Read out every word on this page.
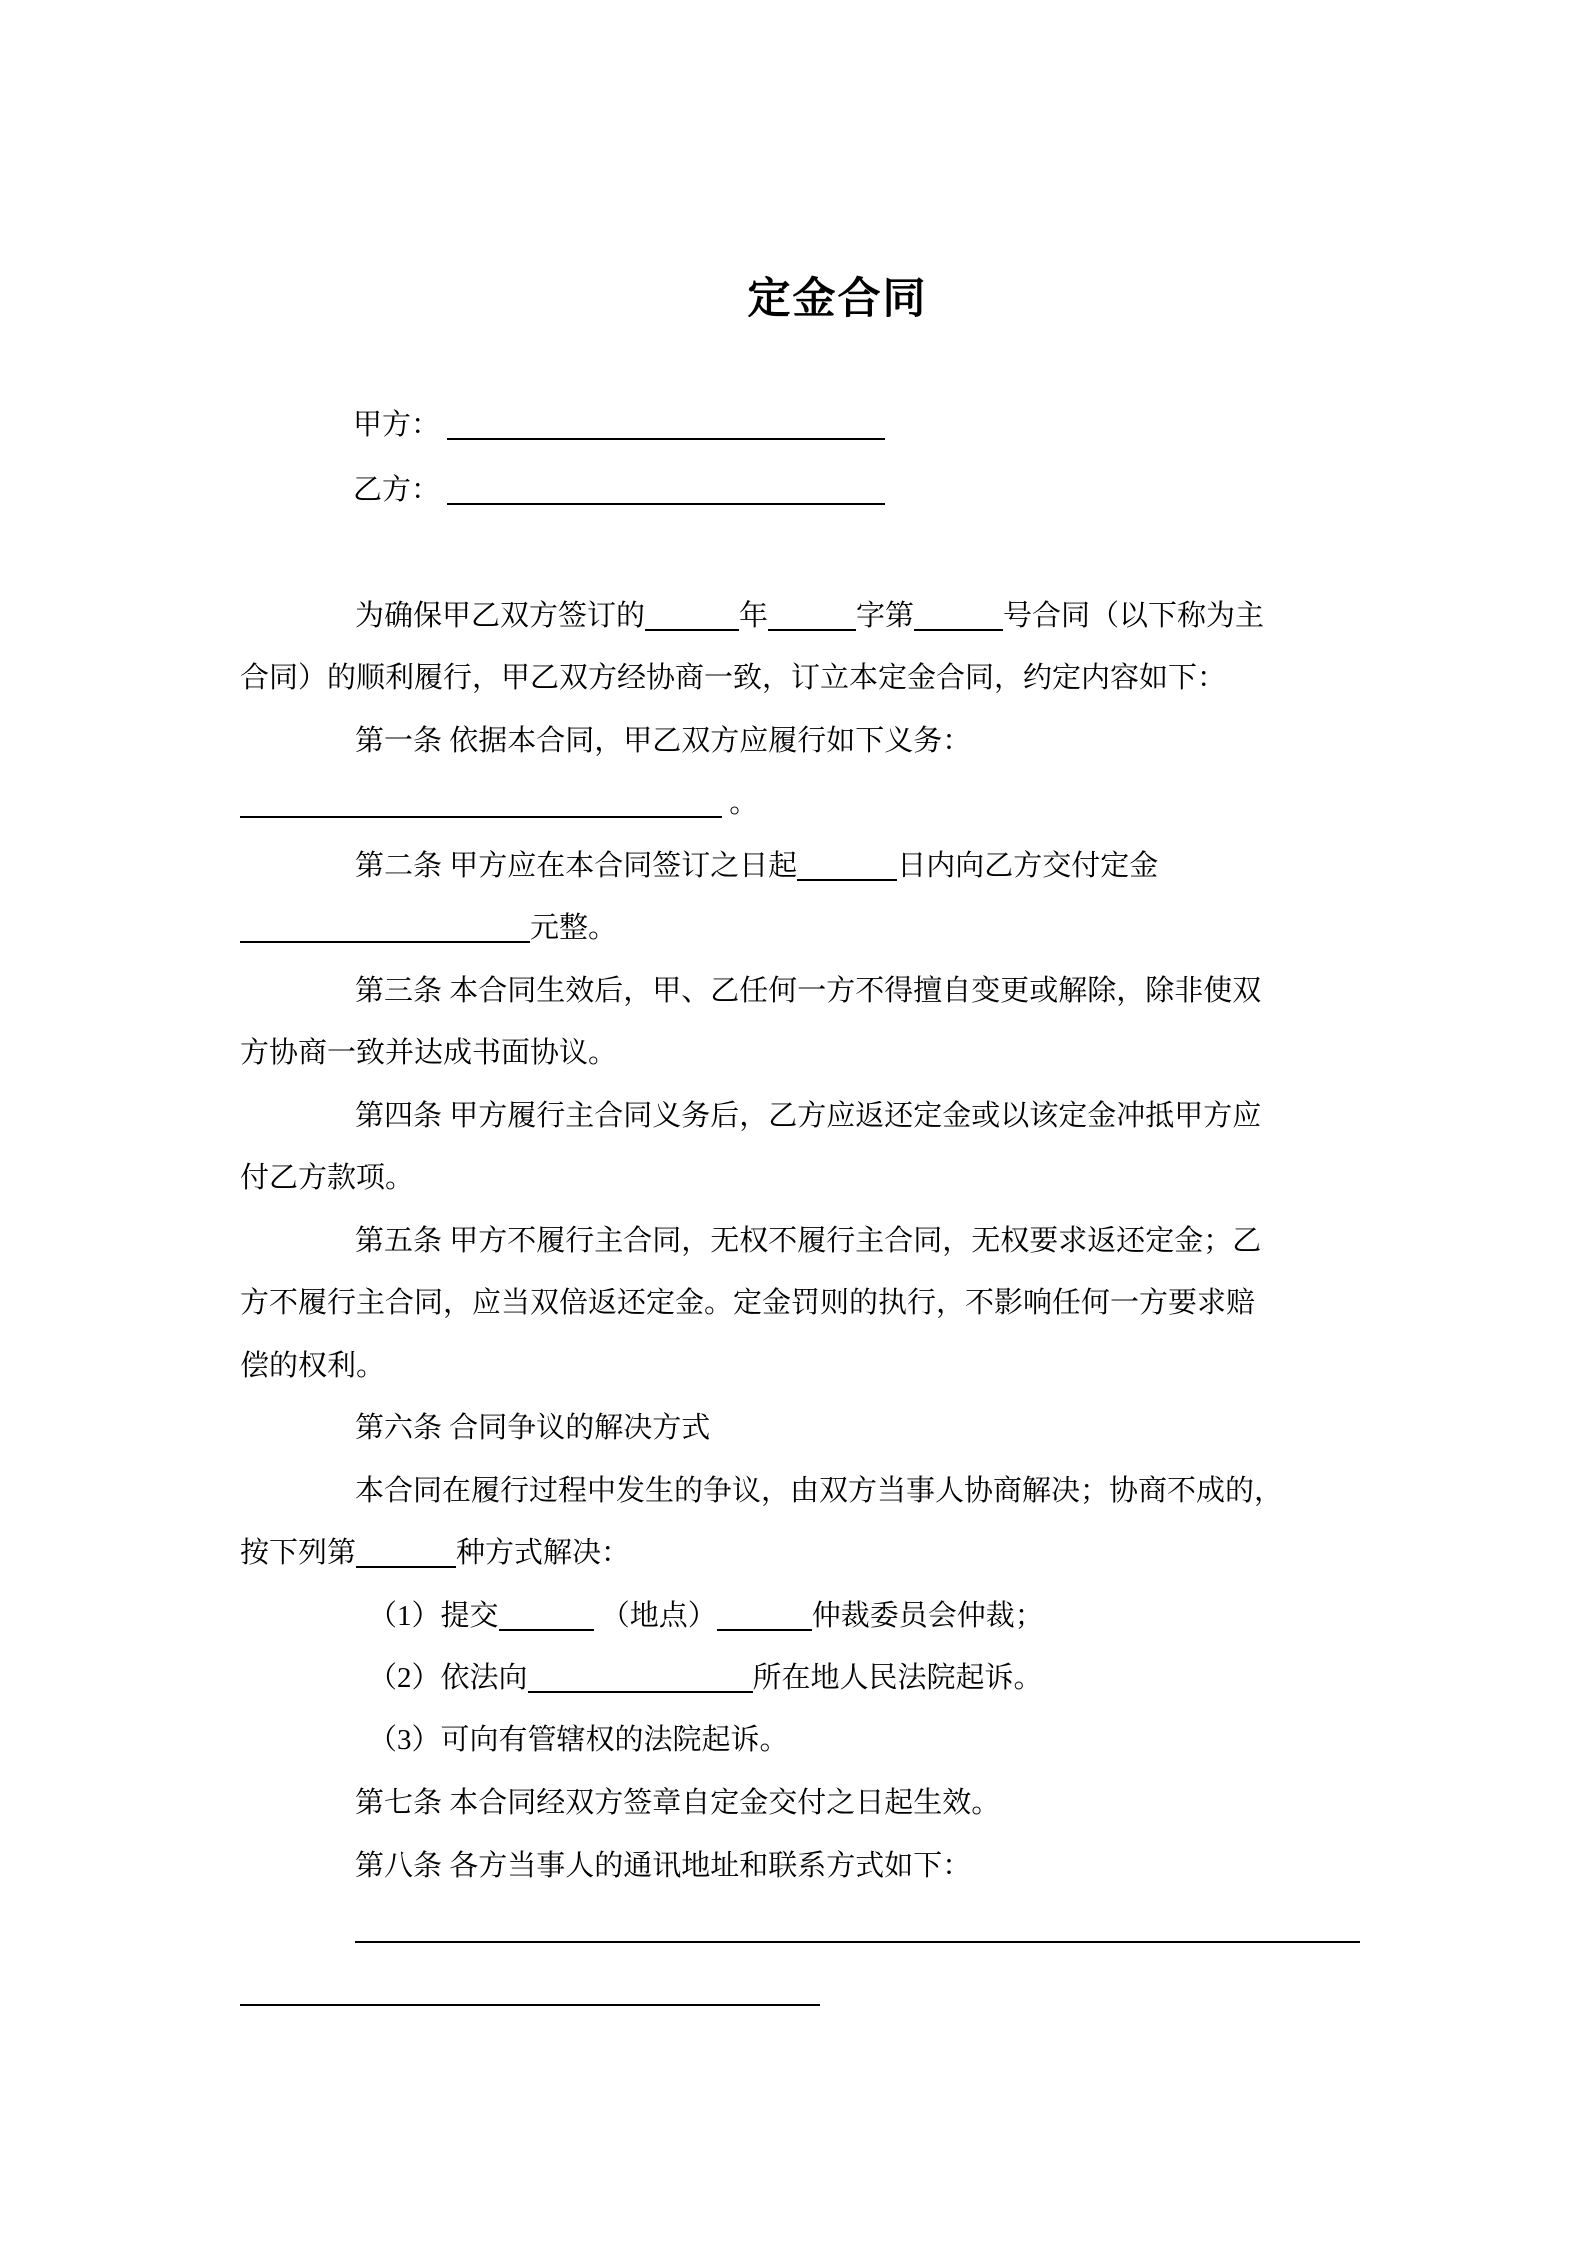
定金合同
甲方：
乙方：
为确保甲乙双方签订的	年	字第	号合同（以下称为主
合同）的顺利履行，甲乙双方经协商一致，订立本定金合同，约定内容如下：
第一条 依据本合同，甲乙双方应履行如下义务：
。
第二条 甲方应在本合同签订之日起	日内向乙方交付定金
元整。
第三条 本合同生效后，甲、乙任何一方不得擅自变更或解除，除非使双
方协商一致并达成书面协议。
第四条 甲方履行主合同义务后，乙方应返还定金或以该定金冲抵甲方应
付乙方款项。
第五条 甲方不履行主合同，无权不履行主合同，无权要求返还定金；乙
方不履行主合同，应当双倍返还定金。定金罚则的执行，不影响任何一方要求赔
偿的权利。
第六条 合同争议的解决方式
本合同在履行过程中发生的争议，由双方当事人协商解决；协商不成的，
按下列第	种方式解决：
（1）提交	（地点）	仲裁委员会仲裁；
（2）依法向	所在地人民法院起诉。
（3）可向有管辖权的法院起诉。
第七条 本合同经双方签章自定金交付之日起生效。
第八条 各方当事人的通讯地址和联系方式如下：
